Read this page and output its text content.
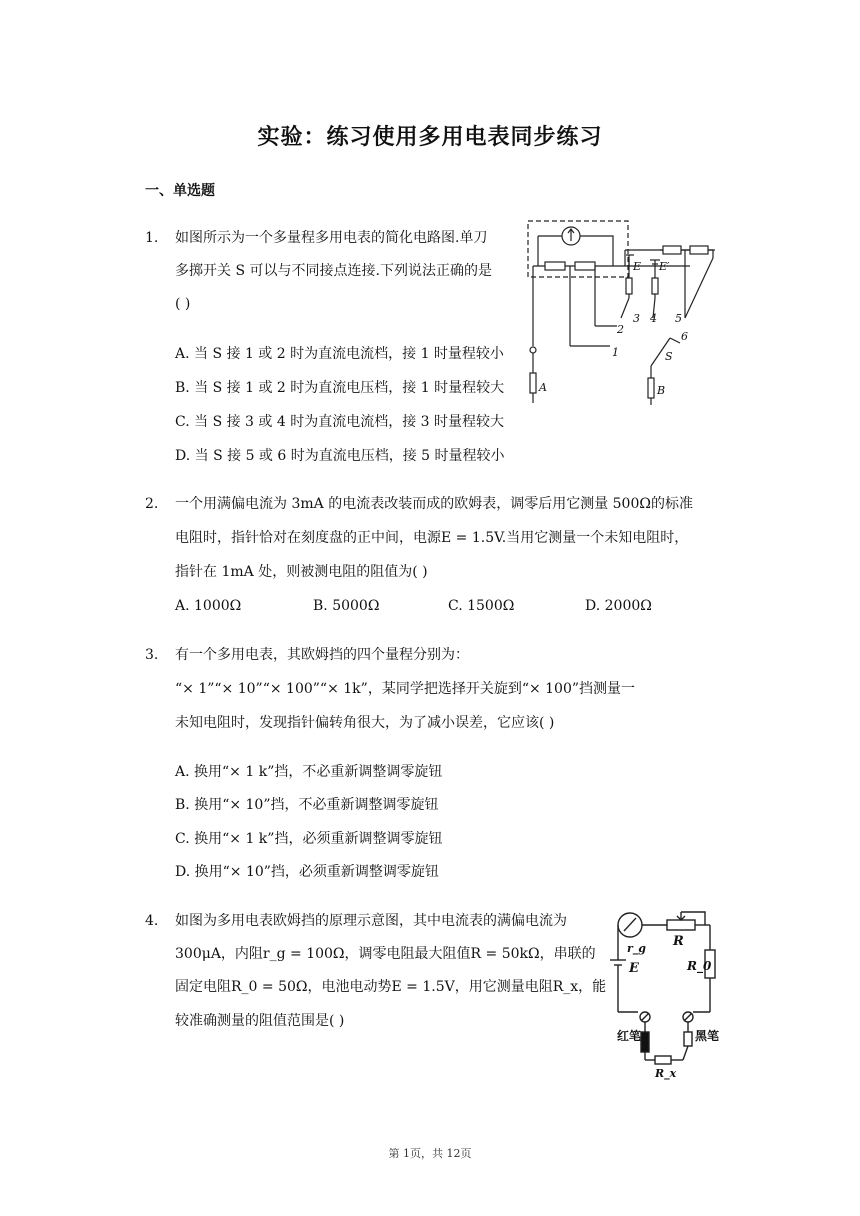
实验：练习使用多用电表同步练习
一、单选题
1. 如图所示为一个多量程多用电表的简化电路图.单刀
多掷开关 S 可以与不同接点连接.下列说法正确的是
( )
A. 当 S 接 1 或 2 时为直流电流档，接 1 时量程较小
B. 当 S 接 1 或 2 时为直流电压档，接 1 时量程较大
C. 当 S 接 3 或 4 时为直流电流档，接 3 时量程较大
D. 当 S 接 5 或 6 时为直流电压档，接 5 时量程较小
E E′
1
2
3 4 5
6
S
A	B
2. 一个用满偏电流为 3mA 的电流表改装而成的欧姆表，调零后用它测量 500Ω的标准
电阻时，指针恰对在刻度盘的正中间，电源E = 1.5V.当用它测量一个未知电阻时，
指针在 1mA 处，则被测电阻的阻值为( )
A. 1000Ω	B. 5000Ω	C. 1500Ω	D. 2000Ω
3. 有一个多用电表，其欧姆挡的四个量程分别为：
“× 1”“× 10”“× 100”“× 1k”，某同学把选择开关旋到“× 100”挡测量一
未知电阻时，发现指针偏转角很大，为了减小误差，它应该( )
A. 换用“× 1 k”挡，不必重新调整调零旋钮
B. 换用“× 10”挡，不必重新调整调零旋钮
C. 换用“× 1 k”挡，必须重新调整调零旋钮
D. 换用“× 10”挡，必须重新调整调零旋钮
4. 如图为多用电表欧姆挡的原理示意图，其中电流表的满偏电流为
300μA，内阻r_g = 100Ω，调零电阻最大阻值R = 50kΩ，串联的
固定电阻R_0 = 50Ω，电池电动势E = 1.5V，用它测量电阻R_x，能
较准确测量的阻值范围是( )
r_g R
R_0
E
红笔	黑笔
R_x
第 1页，共 12页
